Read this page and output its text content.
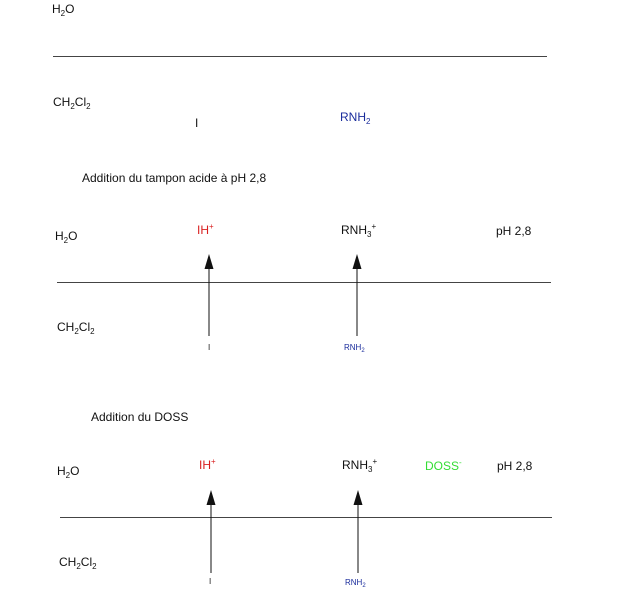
$H_2O$
$CH_2Cl_2$
I	$RNH_2$
Addition du tampon acide à pH 2,8
$H_2O$	IH+	$RNH_3^+$	pH 2,8
$CH_2Cl_2$
I	$RNH_2$
Addition du DOSS
$H_2O$	IH+	$RNH_3^+$	DOSS-	pH 2,8
$CH_2Cl_2$
I	$RNH_2$
